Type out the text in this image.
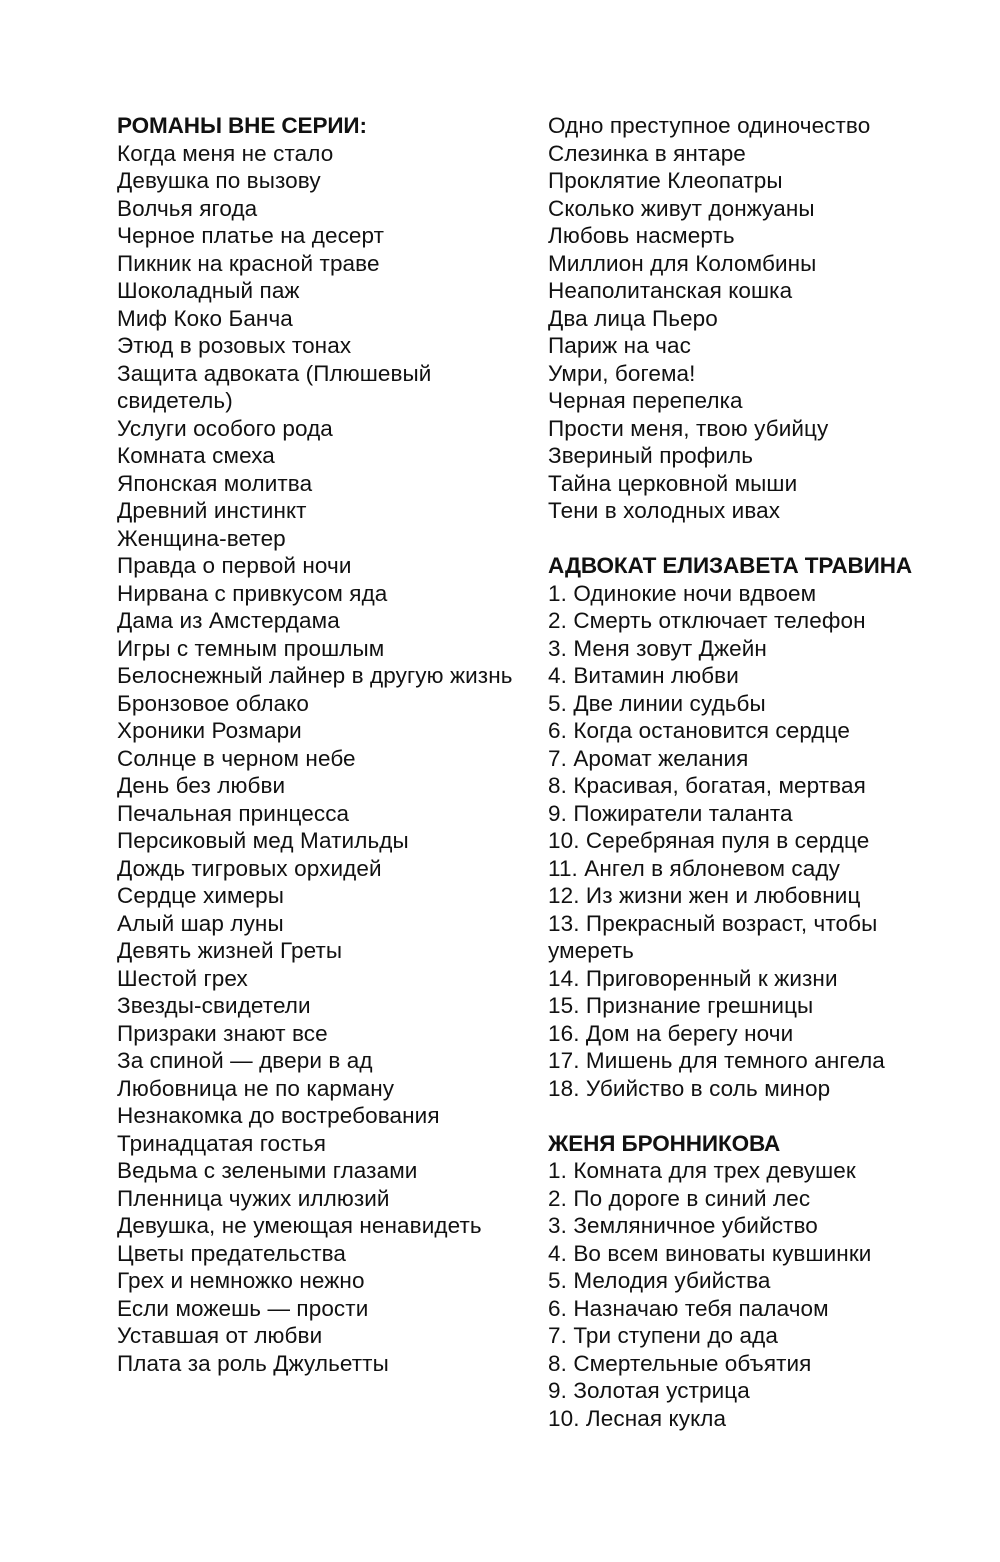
РОМАНЫ ВНЕ СЕРИИ:
Когда меня не стало
Девушка по вызову
Волчья ягода
Черное платье на десерт
Пикник на красной траве
Шоколадный паж
Миф Коко Банча
Этюд в розовых тонах
Защита адвоката (Плюшевый свидетель)
Услуги особого рода
Комната смеха
Японская молитва
Древний инстинкт
Женщина-ветер
Правда о первой ночи
Нирвана с привкусом яда
Дама из Амстердама
Игры с темным прошлым
Белоснежный лайнер в другую жизнь
Бронзовое облако
Хроники Розмари
Солнце в черном небе
День без любви
Печальная принцесса
Персиковый мед Матильды
Дождь тигровых орхидей
Сердце химеры
Алый шар луны
Девять жизней Греты
Шестой грех
Звезды-свидетели
Призраки знают все
За спиной — двери в ад
Любовница не по карману
Незнакомка до востребования
Тринадцатая гостья
Ведьма с зелеными глазами
Пленница чужих иллюзий
Девушка, не умеющая ненавидеть
Цветы предательства
Грех и немножко нежно
Если можешь — прости
Уставшая от любви
Плата за роль Джульетты
Одно преступное одиночество
Слезинка в янтаре
Проклятие Клеопатры
Сколько живут донжуаны
Любовь насмерть
Миллион для Коломбины
Неаполитанская кошка
Два лица Пьеро
Париж на час
Умри, богема!
Черная перепелка
Прости меня, твою убийцу
Звериный профиль
Тайна церковной мыши
Тени в холодных ивах
АДВОКАТ ЕЛИЗАВЕТА ТРАВИНА
1. Одинокие ночи вдвоем
2. Смерть отключает телефон
3. Меня зовут Джейн
4. Витамин любви
5. Две линии судьбы
6. Когда остановится сердце
7. Аромат желания
8. Красивая, богатая, мертвая
9. Пожиратели таланта
10. Серебряная пуля в сердце
11. Ангел в яблоневом саду
12. Из жизни жен и любовниц
13. Прекрасный возраст, чтобы умереть
14. Приговоренный к жизни
15. Признание грешницы
16. Дом на берегу ночи
17. Мишень для темного ангела
18. Убийство в соль минор
ЖЕНЯ БРОННИКОВА
1. Комната для трех девушек
2. По дороге в синий лес
3. Земляничное убийство
4. Во всем виноваты кувшинки
5. Мелодия убийства
6. Назначаю тебя палачом
7. Три ступени до ада
8. Смертельные объятия
9. Золотая устрица
10. Лесная кукла
